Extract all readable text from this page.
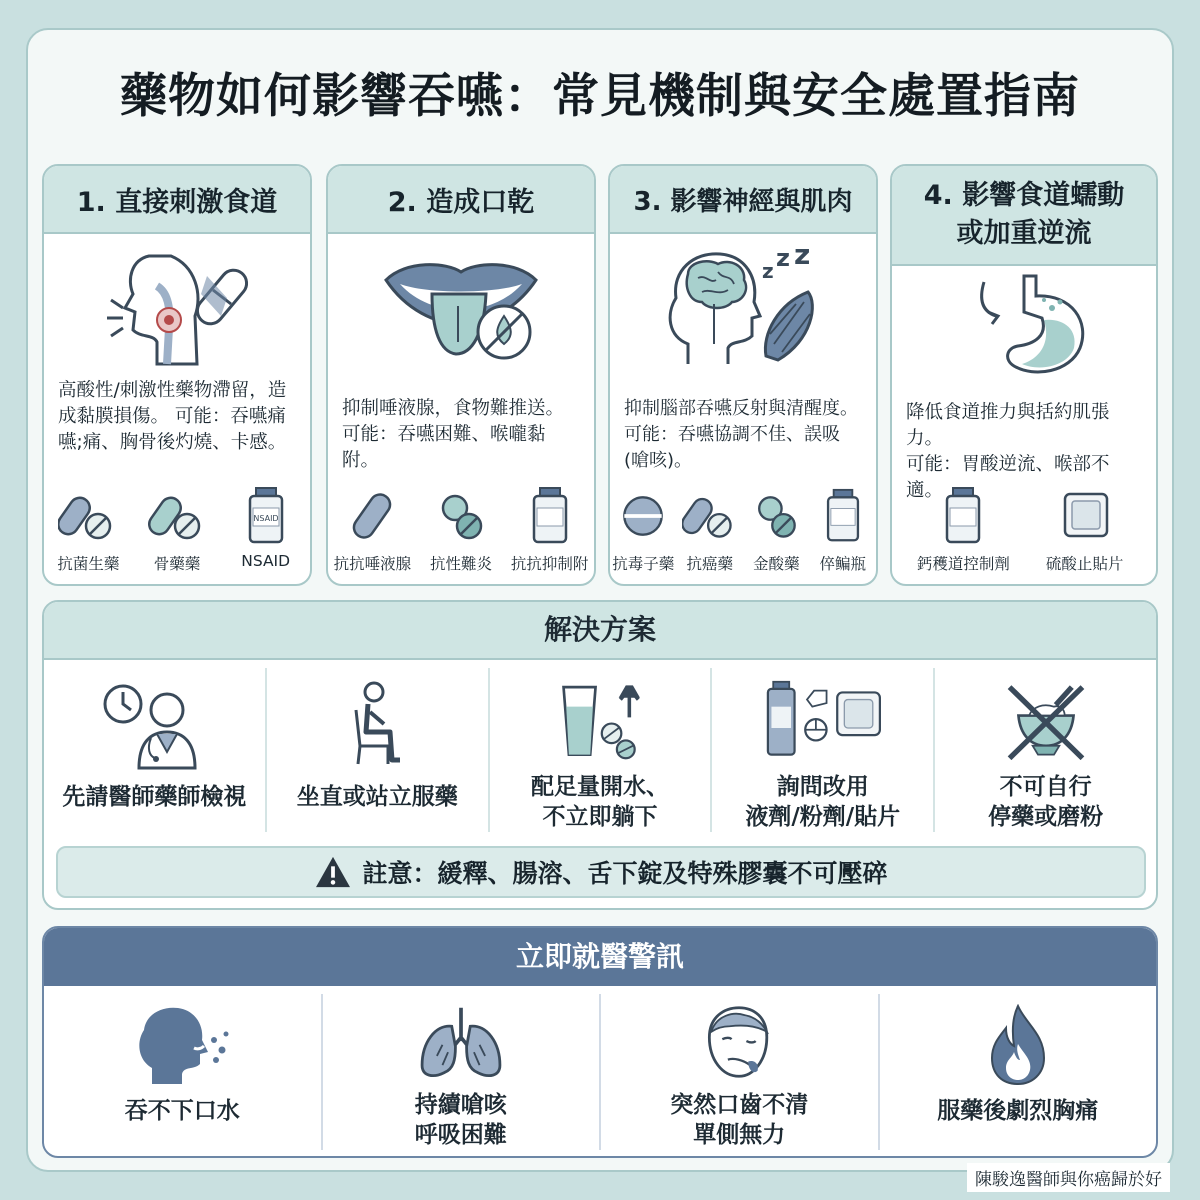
藥物如何影響吞嚥：常見機制與安全處置指南
1. 直接刺激食道
高酸性/刺激性藥物滯留，造
成黏膜損傷。 可能：吞嚥痛
嚥;痛、胸骨後灼燒、卡感。
抗菌生藥 骨藥藥
NSAID
NSAID
2. 造成口乾
抑制唾液腺，食物難推送。
可能：吞嚥困難、喉嚨黏附。
抗抗唾液腺 抗性難炎 抗抗抑制附
3. 影響神經與肌肉
z z z
抑制腦部吞嚥反射與清醒度。
可能：吞嚥協調不佳、誤吸(嗆咳)。
抗毒子藥 抗癌藥 金酸藥 倅鳊瓶
4. 影響食道蠕動
或加重逆流
降低食道推力與括約肌張力。
可能：胃酸逆流、喉部不適。
鈣穫道控制劑 硫酸止貼片
解決方案
先請醫師藥師檢視 坐直或站立服藥	配足量開水、
不立即躺下
詢問改用
液劑/粉劑/貼片
不可自行
停藥或磨粉
註意：緩釋、腸溶、舌下錠及特殊膠囊不可壓碎
立即就醫警訊
吞不下口水	持續嗆咳
呼吸困難
突然口齒不清
單側無力
服藥後劇烈胸痛
陳駿逸醫師與你癌歸於好
